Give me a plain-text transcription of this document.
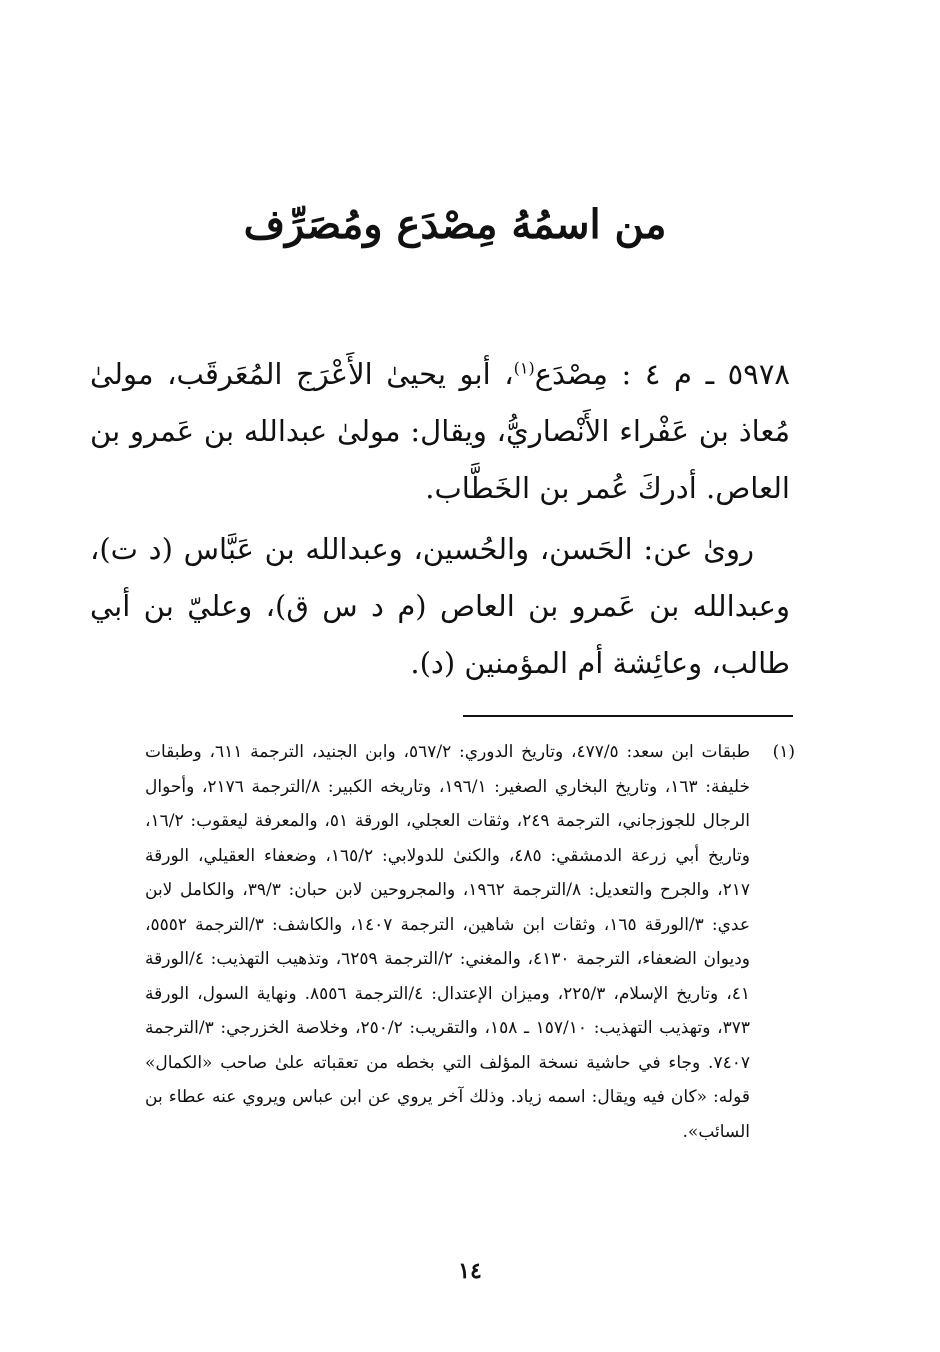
من اسمُهُ مِصْدَع ومُصَرِّف
٥٩٧٨ ـ م ٤ : مِصْدَع$^{(١)}$، أبو يحيىٰ الأَعْرَج المُعَرقَب، مولىٰ مُعاذ بن عَفْراء الأَنْصاريُّ، ويقال: مولىٰ عبدالله بن عَمرو بن العاص. أدركَ عُمر بن الخَطَّاب.
روىٰ عن: الحَسن، والحُسين، وعبدالله بن عَبَّاس (د ت)، وعبدالله بن عَمرو بن العاص (م د س ق)، وعليّ بن أبي طالب، وعائِشة أم المؤمنين (د).
(١)
طبقات ابن سعد: ٤٧٧/٥، وتاريخ الدوري: ٥٦٧/٢، وابن الجنيد، الترجمة ٦١١، وطبقات خليفة: ١٦٣، وتاريخ البخاري الصغير: ١٩٦/١، وتاريخه الكبير: ٨/الترجمة ٢١٧٦، وأحوال الرجال للجوزجاني، الترجمة ٢٤٩، وثقات العجلي، الورقة ٥١، والمعرفة ليعقوب: ١٦/٢، وتاريخ أبي زرعة الدمشقي: ٤٨٥، والكنىٰ للدولابي: ١٦٥/٢، وضعفاء العقيلي، الورقة ٢١٧، والجرح والتعديل: ٨/الترجمة ١٩٦٢، والمجروحين لابن حبان: ٣٩/٣، والكامل لابن عدي: ٣/الورقة ١٦٥، وثقات ابن شاهين، الترجمة ١٤٠٧، والكاشف: ٣/الترجمة ٥٥٥٢، وديوان الضعفاء، الترجمة ٤١٣٠، والمغني: ٢/الترجمة ٦٢٥٩، وتذهيب التهذيب: ٤/الورقة ٤١، وتاريخ الإسلام، ٢٢٥/٣، وميزان الإعتدال: ٤/الترجمة ٨٥٥٦. ونهاية السول، الورقة ٣٧٣، وتهذيب التهذيب: ١٥٧/١٠ ـ ١٥٨، والتقريب: ٢٥٠/٢، وخلاصة الخزرجي: ٣/الترجمة ٧٤٠٧. وجاء في حاشية نسخة المؤلف التي بخطه من تعقباته علىٰ صاحب «الكمال» قوله: «كان فيه ويقال: اسمه زياد. وذلك آخر يروي عن ابن عباس ويروي عنه عطاء بن السائب».
١٤
